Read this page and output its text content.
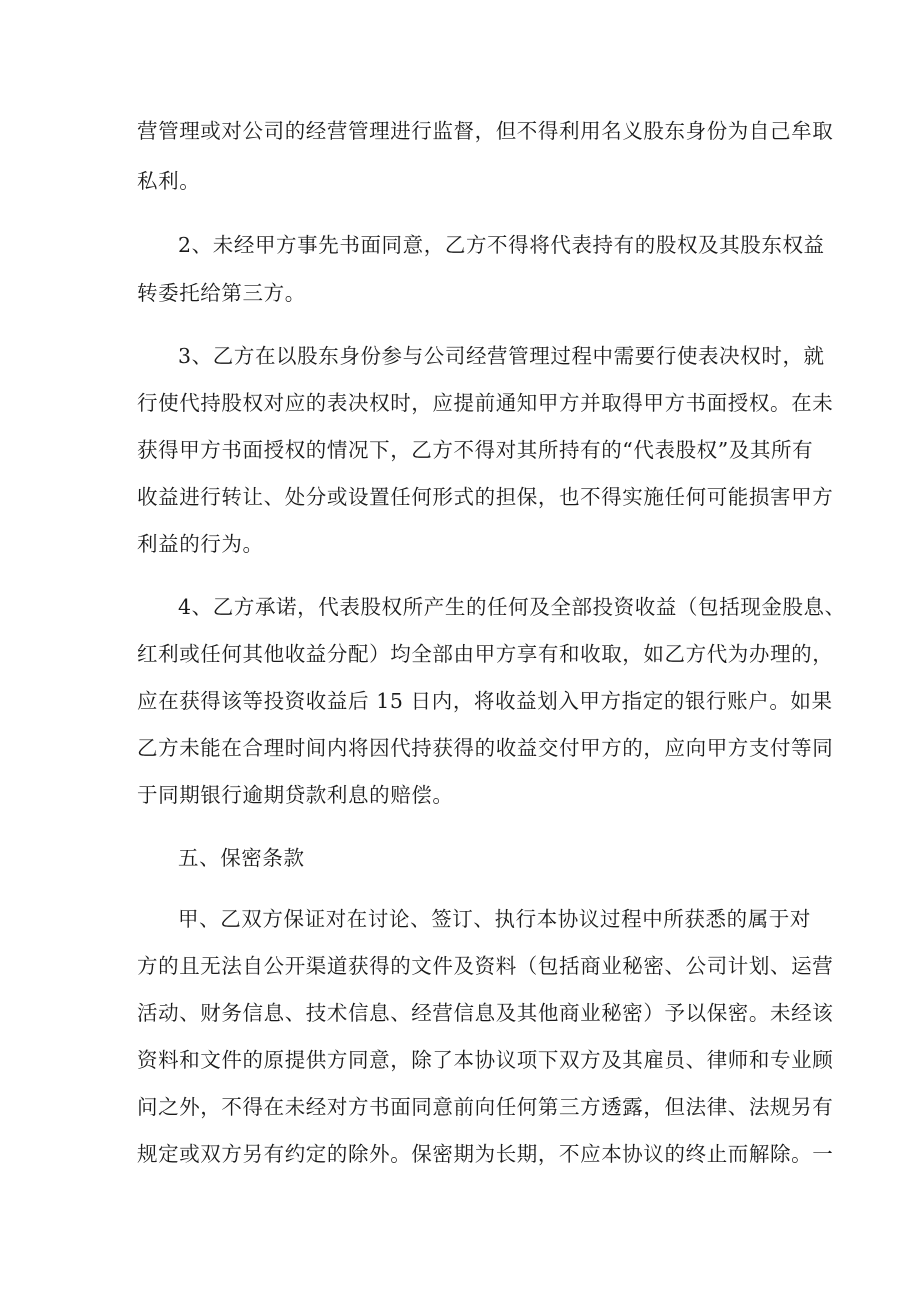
营管理或对公司的经营管理进行监督，但不得利用名义股东身份为自己牟取
私利。
2、未经甲方事先书面同意，乙方不得将代表持有的股权及其股东权益
转委托给第三方。
3、乙方在以股东身份参与公司经营管理过程中需要行使表决权时，就
行使代持股权对应的表决权时，应提前通知甲方并取得甲方书面授权。在未
获得甲方书面授权的情况下，乙方不得对其所持有的“代表股权”及其所有
收益进行转让、处分或设置任何形式的担保，也不得实施任何可能损害甲方
利益的行为。
4、乙方承诺，代表股权所产生的任何及全部投资收益（包括现金股息、
红利或任何其他收益分配）均全部由甲方享有和收取，如乙方代为办理的，
应在获得该等投资收益后 15 日内，将收益划入甲方指定的银行账户。如果
乙方未能在合理时间内将因代持获得的收益交付甲方的，应向甲方支付等同
于同期银行逾期贷款利息的赔偿。
五、保密条款
甲、乙双方保证对在讨论、签订、执行本协议过程中所获悉的属于对
方的且无法自公开渠道获得的文件及资料（包括商业秘密、公司计划、运营
活动、财务信息、技术信息、经营信息及其他商业秘密）予以保密。未经该
资料和文件的原提供方同意，除了本协议项下双方及其雇员、律师和专业顾
问之外，不得在未经对方书面同意前向任何第三方透露，但法律、法规另有
规定或双方另有约定的除外。保密期为长期，不应本协议的终止而解除。一
